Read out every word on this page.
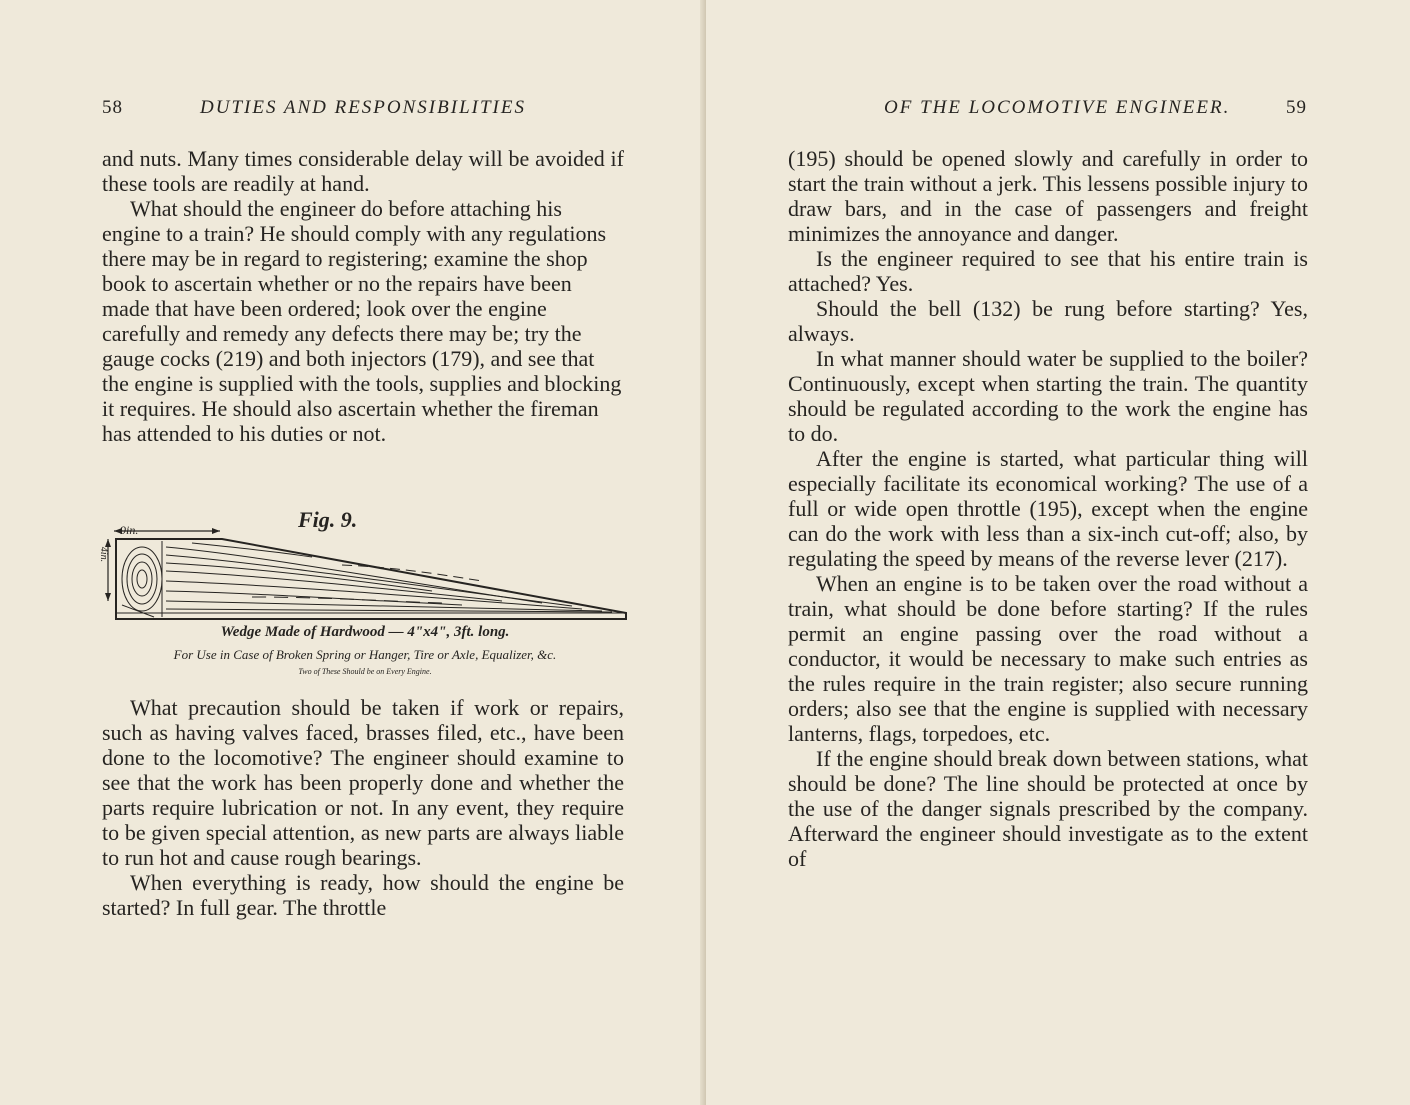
58	DUTIES AND RESPONSIBILITIES

and nuts. Many times considerable delay will be avoided if these tools are readily at hand.

What should the engineer do before attaching his engine to a train? He should comply with any regulations there may be in regard to registering; examine the shop book to ascertain whether or no the repairs have been made that have been ordered; look over the engine carefully and remedy any defects there may be; try the gauge cocks (219) and both injectors (179), and see that the engine is supplied with the tools, supplies and blocking it requires. He should also ascertain whether the fireman has attended to his duties or not.

Fig. 9.
9in.
4in.
Wedge Made of Hardwood — 4"x4", 3ft. long.
For Use in Case of Broken Spring or Hanger, Tire or Axle, Equalizer, &c.
Two of These Should be on Every Engine.

What precaution should be taken if work or repairs, such as having valves faced, brasses filed, etc., have been done to the locomotive? The engineer should examine to see that the work has been properly done and whether the parts require lubrication or not. In any event, they require to be given special attention, as new parts are always liable to run hot and cause rough bearings.

When everything is ready, how should the engine be started? In full gear. The throttle

OF THE LOCOMOTIVE ENGINEER.	59

(195) should be opened slowly and carefully in order to start the train without a jerk. This lessens possible injury to draw bars, and in the case of passengers and freight minimizes the annoyance and danger.

Is the engineer required to see that his entire train is attached? Yes.

Should the bell (132) be rung before starting? Yes, always.

In what manner should water be supplied to the boiler? Continuously, except when starting the train. The quantity should be regulated according to the work the engine has to do.

After the engine is started, what particular thing will especially facilitate its economical working? The use of a full or wide open throttle (195), except when the engine can do the work with less than a six-inch cut-off; also, by regulating the speed by means of the reverse lever (217).

When an engine is to be taken over the road without a train, what should be done before starting? If the rules permit an engine passing over the road without a conductor, it would be necessary to make such entries as the rules require in the train register; also secure running orders; also see that the engine is supplied with necessary lanterns, flags, torpedoes, etc.

If the engine should break down between stations, what should be done? The line should be protected at once by the use of the danger signals prescribed by the company. Afterward the engineer should investigate as to the extent of
